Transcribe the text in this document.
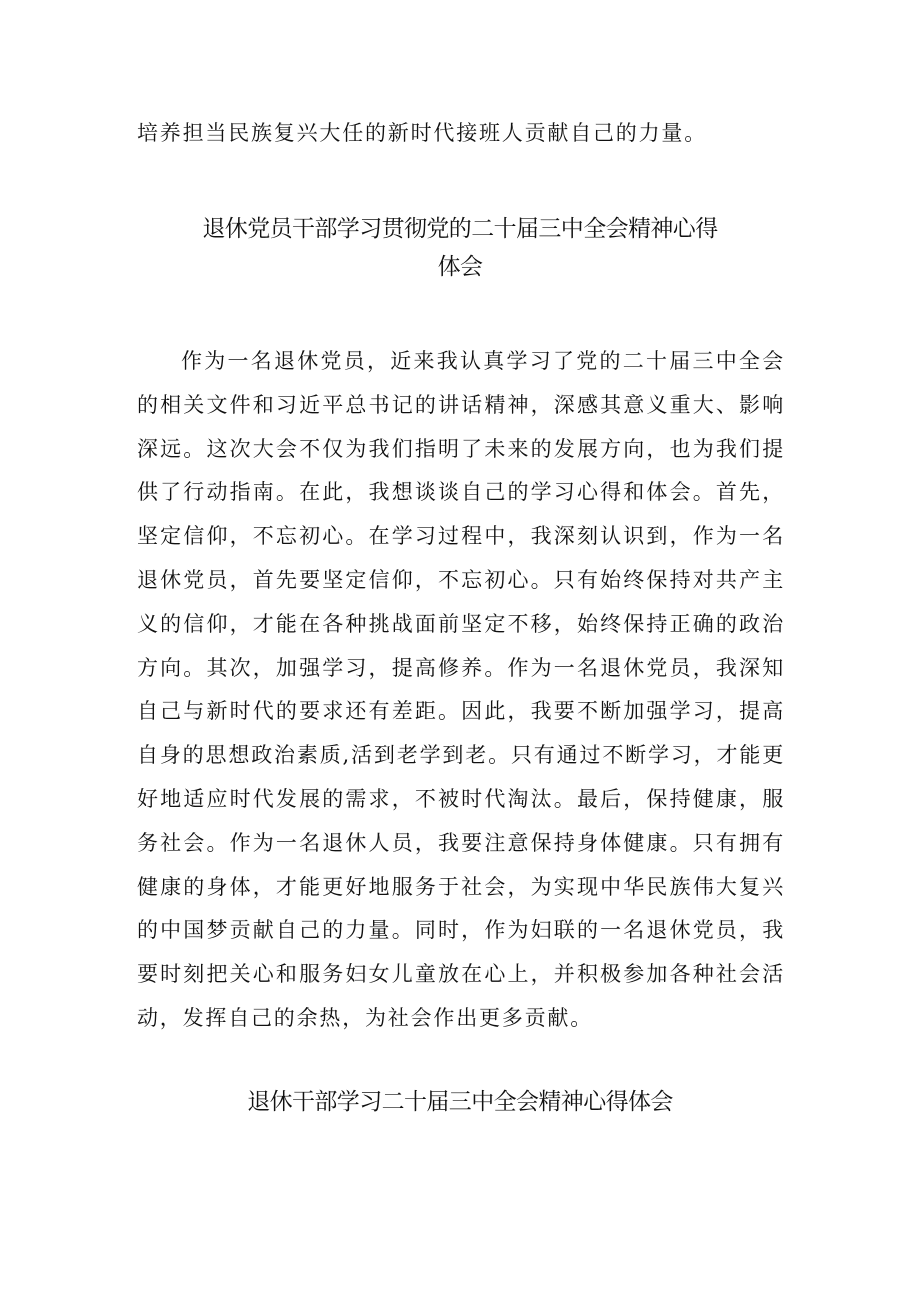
培养担当民族复兴大任的新时代接班人贡献自己的力量。

退休党员干部学习贯彻党的二十届三中全会精神心得
体会

作为一名退休党员，近来我认真学习了党的二十届三中全会的相关文件和习近平总书记的讲话精神，深感其意义重大、影响深远。这次大会不仅为我们指明了未来的发展方向，也为我们提供了行动指南。在此，我想谈谈自己的学习心得和体会。首先，坚定信仰，不忘初心。在学习过程中，我深刻认识到，作为一名退休党员，首先要坚定信仰，不忘初心。只有始终保持对共产主义的信仰，才能在各种挑战面前坚定不移，始终保持正确的政治方向。其次，加强学习，提高修养。作为一名退休党员，我深知自己与新时代的要求还有差距。因此，我要不断加强学习，提高自身的思想政治素质,活到老学到老。只有通过不断学习，才能更好地适应时代发展的需求，不被时代淘汰。最后，保持健康，服务社会。作为一名退休人员，我要注意保持身体健康。只有拥有健康的身体，才能更好地服务于社会，为实现中华民族伟大复兴的中国梦贡献自己的力量。同时，作为妇联的一名退休党员，我要时刻把关心和服务妇女儿童放在心上，并积极参加各种社会活动，发挥自己的余热，为社会作出更多贡献。

退休干部学习二十届三中全会精神心得体会
